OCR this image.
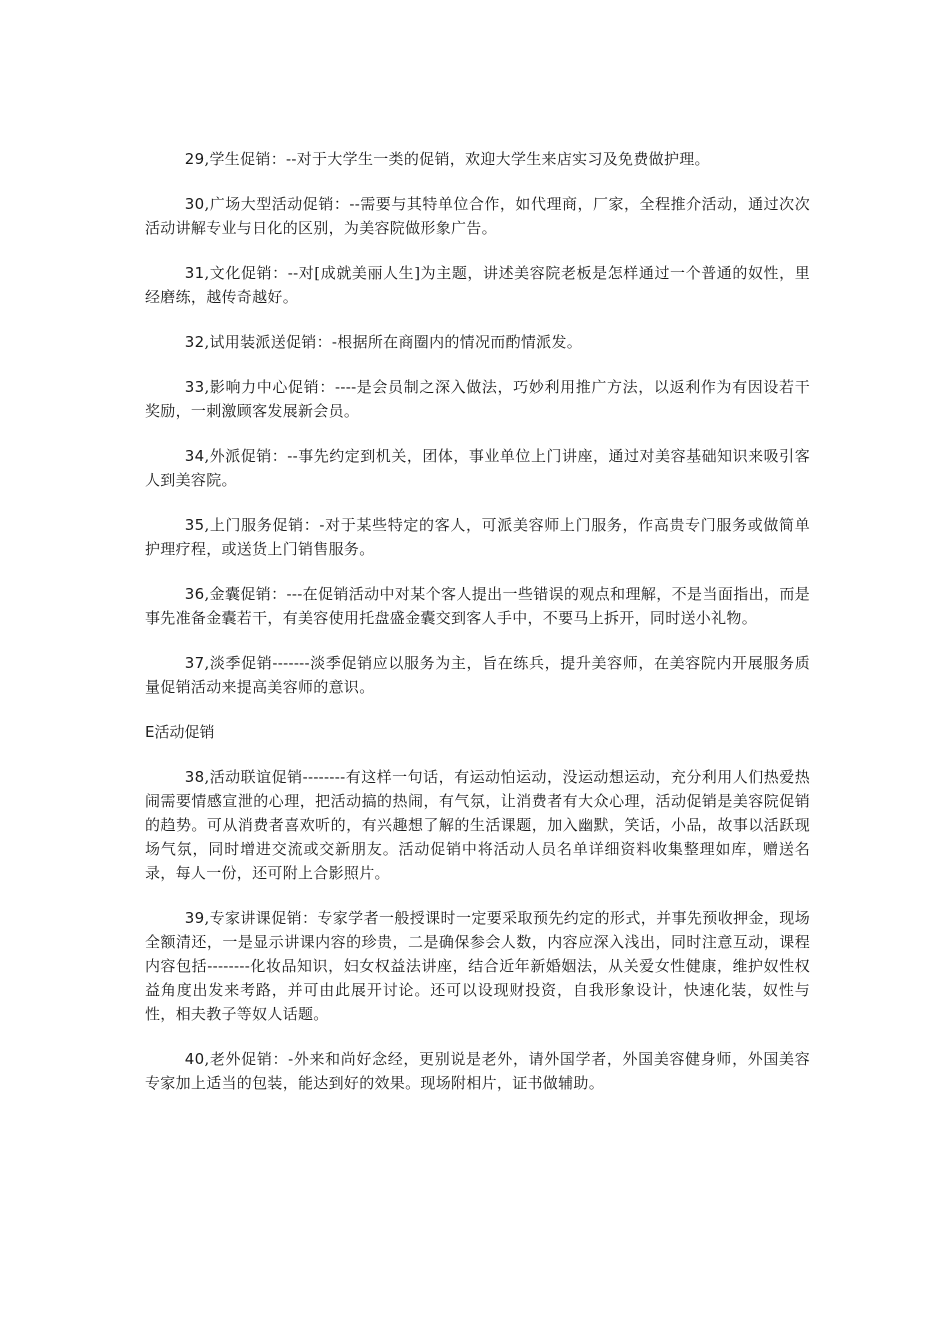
29,学生促销：--对于大学生一类的促销，欢迎大学生来店实习及免费做护理。

30,广场大型活动促销：--需要与其特单位合作，如代理商，厂家，全程推介活动，通过次次活动讲解专业与日化的区别，为美容院做形象广告。

31,文化促销：--对[成就美丽人生]为主题，讲述美容院老板是怎样通过一个普通的奴性，里经磨练，越传奇越好。

32,试用装派送促销：-根据所在商圈内的情况而酌情派发。

33,影响力中心促销：----是会员制之深入做法，巧妙利用推广方法，以返利作为有因设若干奖励，一刺激顾客发展新会员。

34,外派促销：--事先约定到机关，团体，事业单位上门讲座，通过对美容基础知识来吸引客人到美容院。

35,上门服务促销：-对于某些特定的客人，可派美容师上门服务，作高贵专门服务或做简单护理疗程，或送货上门销售服务。

36,金囊促销：---在促销活动中对某个客人提出一些错误的观点和理解，不是当面指出，而是事先准备金囊若干，有美容使用托盘盛金囊交到客人手中，不要马上拆开，同时送小礼物。

37,淡季促销-------淡季促销应以服务为主，旨在练兵，提升美容师，在美容院内开展服务质量促销活动来提高美容师的意识。

E活动促销

38,活动联谊促销--------有这样一句话，有运动怕运动，没运动想运动，充分利用人们热爱热闹需要情感宣泄的心理，把活动搞的热闹，有气氛，让消费者有大众心理，活动促销是美容院促销的趋势。可从消费者喜欢听的，有兴趣想了解的生活课题，加入幽默，笑话，小品，故事以活跃现场气氛，同时增进交流或交新朋友。活动促销中将活动人员名单详细资料收集整理如库，赠送名录，每人一份，还可附上合影照片。

39,专家讲课促销：专家学者一般授课时一定要采取预先约定的形式，并事先预收押金，现场全额清还，一是显示讲课内容的珍贵，二是确保参会人数，内容应深入浅出，同时注意互动，课程内容包括--------化妆品知识，妇女权益法讲座，结合近年新婚姻法，从关爱女性健康，维护奴性权益角度出发来考路，并可由此展开讨论。还可以设现财投资，自我形象设计，快速化装，奴性与性，相夫教子等奴人话题。

40,老外促销：-外来和尚好念经，更别说是老外，请外国学者，外国美容健身师，外国美容专家加上适当的包装，能达到好的效果。现场附相片，证书做辅助。
